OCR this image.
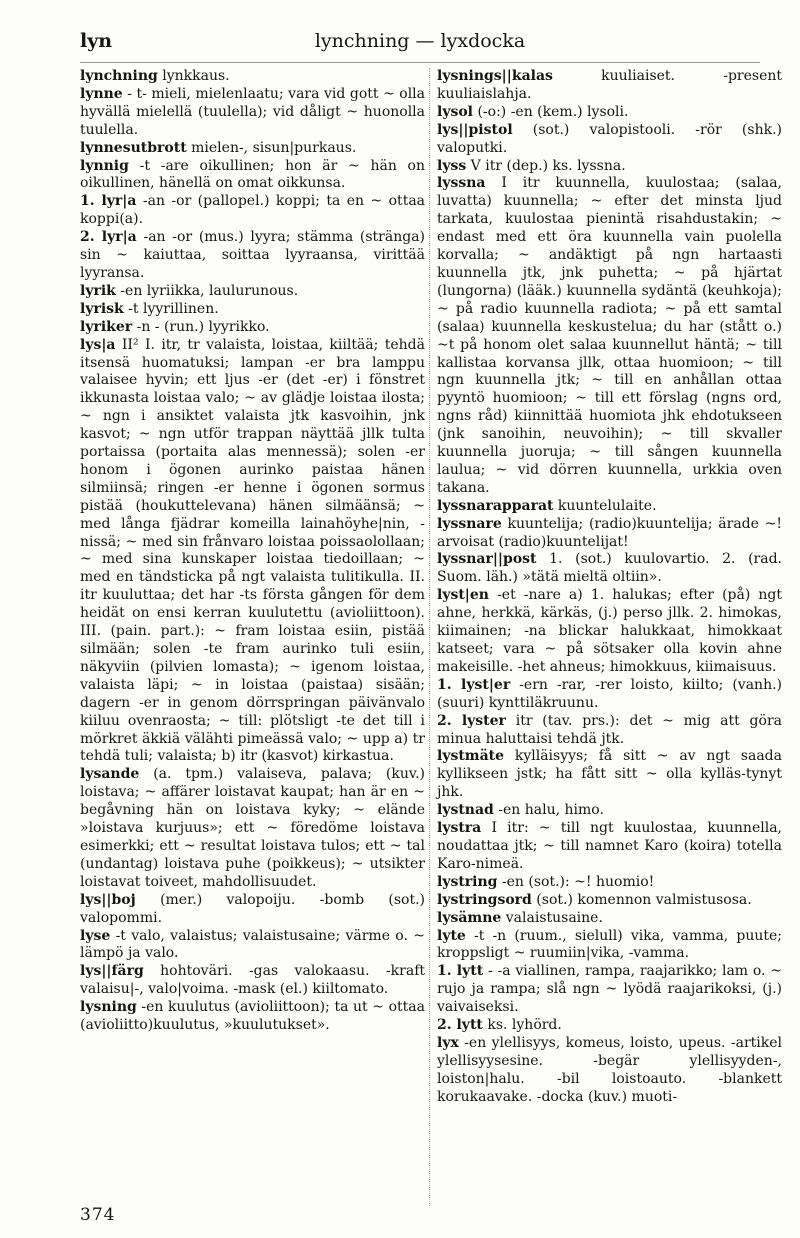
lyn	lynchning — lyxdocka

lynchning lynkkaus.

lynne - t- mieli, mielenlaatu; vara vid gott ~ olla hyvällä mielellä (tuulella); vid dåligt ~ huonolla tuulella.

lynnesutbrott mielen-, sisun|purkaus.

lynnig -t -are oikullinen; hon är ~ hän on oikullinen, hänellä on omat oikkunsa.

1. lyr|a -an -or (pallopel.) koppi; ta en ~ ottaa koppi(a).

2. lyr|a -an -or (mus.) lyyra; stämma (stränga) sin ~ kaiuttaa, soittaa lyyraansa, virittää lyyransa.

lyrik -en lyriikka, laulurunous.

lyrisk -t lyyrillinen.

lyriker -n - (run.) lyyrikko.

lys|a II² I. itr, tr valaista, loistaa, kiiltää; tehdä itsensä huomatuksi; lampan -er bra lamppu valaisee hyvin; ett ljus -er (det -er) i fönstret ikkunasta loistaa valo; ~ av glädje loistaa ilosta; ~ ngn i ansiktet valaista jtk kasvoihin, jnk kasvot; ~ ngn utför trappan näyttää jllk tulta portaissa (portaita alas mennessä); solen -er honom i ögonen aurinko paistaa hänen silmiinsä; ringen -er henne i ögonen sormus pistää (houkuttelevana) hänen silmäänsä; ~ med långa fjädrar komeilla lainahöyhe|nin, -nissä; ~ med sin frånvaro loistaa poissaolollaan; ~ med sina kunskaper loistaa tiedoillaan; ~ med en tändsticka på ngt valaista tulitikulla. II. itr kuuluttaa; det har -ts första gången för dem heidät on ensi kerran kuulutettu (avioliittoon). III. (pain. part.): ~ fram loistaa esiin, pistää silmään; solen -te fram aurinko tuli esiin, näkyviin (pilvien lomasta); ~ igenom loistaa, valaista läpi; ~ in loistaa (paistaa) sisään; dagern -er in genom dörrspringan päivänvalo kiiluu ovenraosta; ~ till: plötsligt -te det till i mörkret äkkiä välähti pimeässä valo; ~ upp a) tr tehdä tuli; valaista; b) itr (kasvot) kirkastua.

lysande (a. tpm.) valaiseva, palava; (kuv.) loistava; ~ affärer loistavat kaupat; han är en ~ begåvning hän on loistava kyky; ~ elände »loistava kurjuus»; ett ~ föredöme loistava esimerkki; ett ~ resultat loistava tulos; ett ~ tal (undantag) loistava puhe (poikkeus); ~ utsikter loistavat toiveet, mahdollisuudet.

lys||boj (mer.) valopoiju. -bomb (sot.) valopommi.

lyse -t valo, valaistus; valaistusaine; värme o. ~ lämpö ja valo.

lys||färg hohtoväri. -gas valokaasu. -kraft valaisu|-, valo|voima. -mask (el.) kiiltomato.

lysning -en kuulutus (avioliittoon); ta ut ~ ottaa (avioliitto)kuulutus, »kuulutukset».

lysnings||kalas kuuliaiset. -present kuuliaislahja.

lysol (-o:) -en (kem.) lysoli.

lys||pistol (sot.) valopistooli. -rör (shk.) valoputki.

lyss V itr (dep.) ks. lyssna.

lyssna I itr kuunnella, kuulostaa; (salaa, luvatta) kuunnella; ~ efter det minsta ljud tarkata, kuulostaa pienintä risahdustakin; ~ endast med ett öra kuunnella vain puolella korvalla; ~ andäktigt på ngn hartaasti kuunnella jtk, jnk puhetta; ~ på hjärtat (lungorna) (lääk.) kuunnella sydäntä (keuhkoja); ~ på radio kuunnella radiota; ~ på ett samtal (salaa) kuunnella keskustelua; du har (stått o.) ~t på honom olet salaa kuunnellut häntä; ~ till kallistaa korvansa jllk, ottaa huomioon; ~ till ngn kuunnella jtk; ~ till en anhållan ottaa pyyntö huomioon; ~ till ett förslag (ngns ord, ngns råd) kiinnittää huomiota jhk ehdotukseen (jnk sanoihin, neuvoihin); ~ till skvaller kuunnella juoruja; ~ till sången kuunnella laulua; ~ vid dörren kuunnella, urkkia oven takana.

lyssnarapparat kuuntelulaite.

lyssnare kuuntelija; (radio)kuuntelija; ärade ~! arvoisat (radio)kuuntelijat!

lyssnar||post 1. (sot.) kuulovartio. 2. (rad. Suom. läh.) »tätä mieltä oltiin».

lyst|en -et -nare a) 1. halukas; efter (på) ngt ahne, herkkä, kärkäs, (j.) perso jllk. 2. himokas, kiimainen; -na blickar halukkaat, himokkaat katseet; vara ~ på sötsaker olla kovin ahne makeisille. -het ahneus; himokkuus, kiimaisuus.

1. lyst|er -ern -rar, -rer loisto, kiilto; (vanh.) (suuri) kynttiläkruunu.

2. lyster itr (tav. prs.): det ~ mig att göra minua haluttaisi tehdä jtk.

lystmäte kylläisyys; få sitt ~ av ngt saada kyllikseen jstk; ha fått sitt ~ olla kylläs-tynyt jhk.

lystnad -en halu, himo.

lystra I itr: ~ till ngt kuulostaa, kuunnella, noudattaa jtk; ~ till namnet Karo (koira) totella Karo-nimeä.

lystring -en (sot.): ~! huomio!

lystringsord (sot.) komennon valmistusosa.

lysämne valaistusaine.

lyte -t -n (ruum., sielull) vika, vamma, puute; kroppsligt ~ ruumiin|vika, -vamma.

1. lytt - -a viallinen, rampa, raajarikko; lam o. ~ rujo ja rampa; slå ngn ~ lyödä raajarikoksi, (j.) vaivaiseksi.

2. lytt ks. lyhörd.

lyx -en ylellisyys, komeus, loisto, upeus. -artikel ylellisyysesine. -begär ylellisyyden-, loiston|halu. -bil loistoauto. -blankett korukaavake. -docka (kuv.) muoti-

374
